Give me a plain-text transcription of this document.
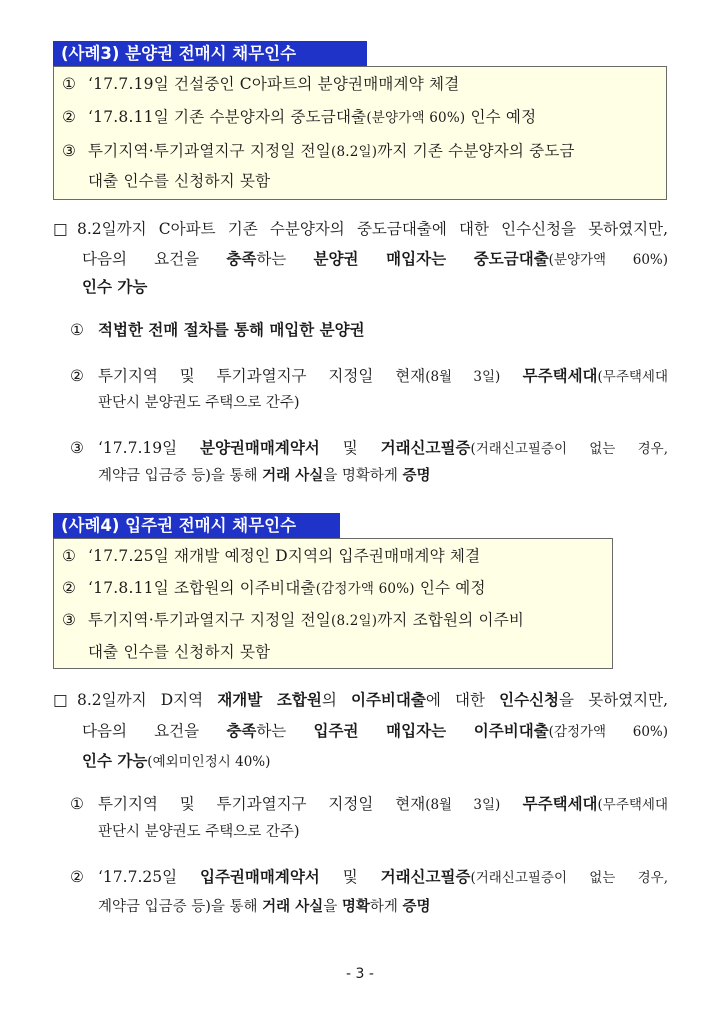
(사례3) 분양권 전매시 채무인수
① ‘17.7.19일 건설중인 C아파트의 분양권매매계약 체결
② ‘17.8.11일 기존 수분양자의 중도금대출(분양가액 60%) 인수 예정
③ 투기지역·투기과열지구 지정일 전일(8.2일)까지 기존 수분양자의 중도금
대출 인수를 신청하지 못함
□ 8.2일까지 C아파트 기존 수분양자의 중도금대출에 대한 인수신청을 못하였지만,
다음의 요건을 충족하는 분양권 매입자는 중도금대출(분양가액 60%)
인수 가능
① 적법한 전매 절차를 통해 매입한 분양권
② 투기지역 및 투기과열지구 지정일 현재(8월 3일) 무주택세대(무주택세대
판단시 분양권도 주택으로 간주)
③ ‘17.7.19일 분양권매매계약서 및 거래신고필증(거래신고필증이 없는 경우,
계약금 입금증 등)을 통해 거래 사실을 명확하게 증명
(사례4) 입주권 전매시 채무인수
① ‘17.7.25일 재개발 예정인 D지역의 입주권매매계약 체결
② ‘17.8.11일 조합원의 이주비대출(감정가액 60%) 인수 예정
③ 투기지역·투기과열지구 지정일 전일(8.2일)까지 조합원의 이주비
대출 인수를 신청하지 못함
□ 8.2일까지 D지역 재개발 조합원의 이주비대출에 대한 인수신청을 못하였지만,
다음의 요건을 충족하는 입주권 매입자는 이주비대출(감정가액 60%)
인수 가능(예외미인정시 40%)
① 투기지역 및 투기과열지구 지정일 현재(8월 3일) 무주택세대(무주택세대
판단시 분양권도 주택으로 간주)
② ‘17.7.25일 입주권매매계약서 및 거래신고필증(거래신고필증이 없는 경우,
계약금 입금증 등)을 통해 거래 사실을 명확하게 증명
- 3 -
